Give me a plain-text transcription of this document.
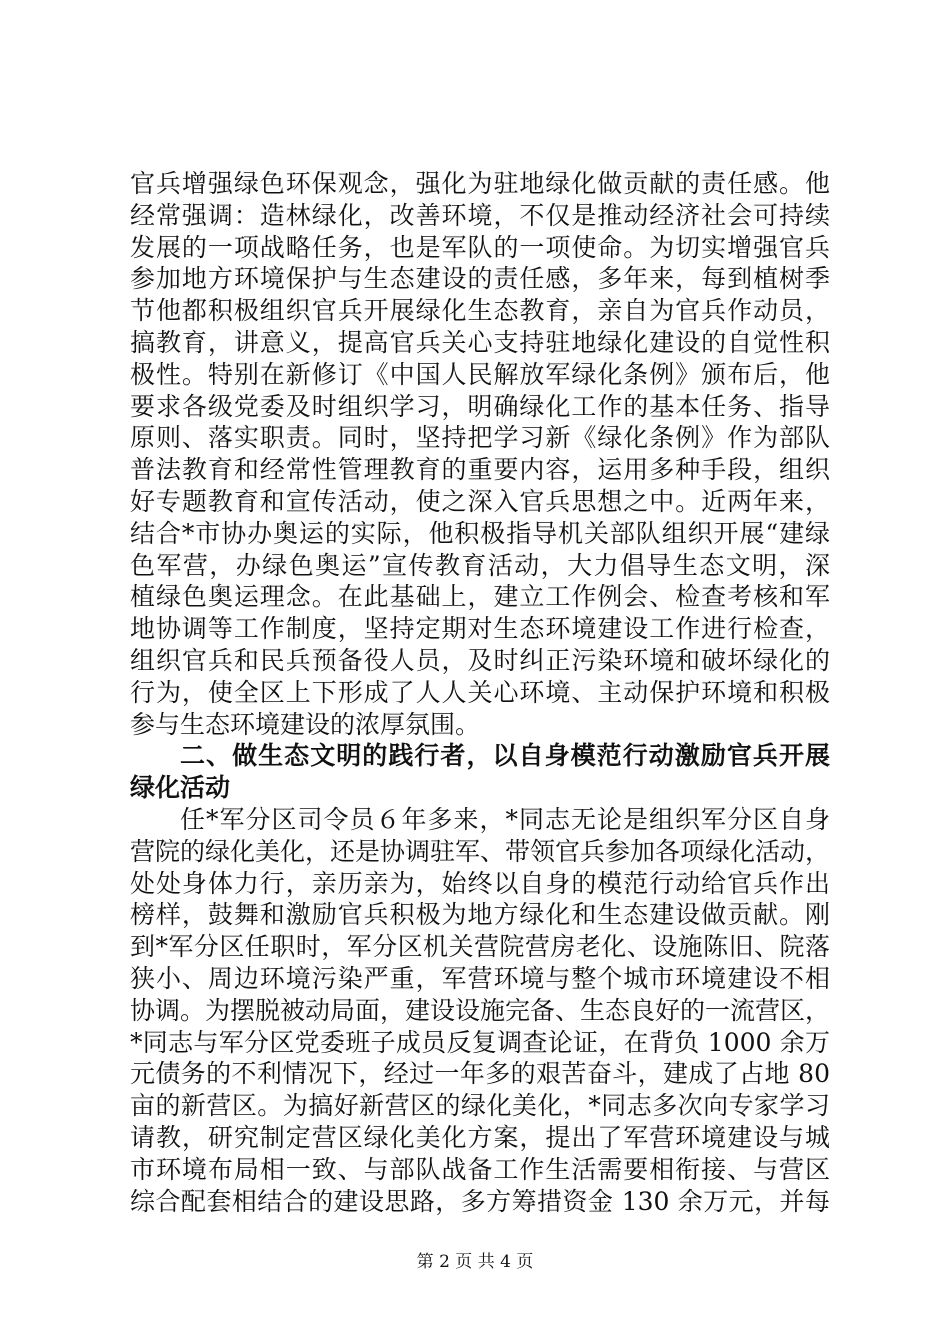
官兵增强绿色环保观念，强化为驻地绿化做贡献的责任感。他
经常强调：造林绿化，改善环境，不仅是推动经济社会可持续
发展的一项战略任务，也是军队的一项使命。为切实增强官兵
参加地方环境保护与生态建设的责任感，多年来，每到植树季
节他都积极组织官兵开展绿化生态教育，亲自为官兵作动员，
搞教育，讲意义，提高官兵关心支持驻地绿化建设的自觉性积
极性。特别在新修订《中国人民解放军绿化条例》颁布后，他
要求各级党委及时组织学习，明确绿化工作的基本任务、指导
原则、落实职责。同时，坚持把学习新《绿化条例》作为部队
普法教育和经常性管理教育的重要内容，运用多种手段，组织
好专题教育和宣传活动，使之深入官兵思想之中。近两年来，
结合*市协办奥运的实际，他积极指导机关部队组织开展“建绿
色军营，办绿色奥运”宣传教育活动，大力倡导生态文明，深
植绿色奥运理念。在此基础上，建立工作例会、检查考核和军
地协调等工作制度，坚持定期对生态环境建设工作进行检查，
组织官兵和民兵预备役人员，及时纠正污染环境和破坏绿化的
行为，使全区上下形成了人人关心环境、主动保护环境和积极
参与生态环境建设的浓厚氛围。
二、做生态文明的践行者，以自身模范行动激励官兵开展
绿化活动
任*军分区司令员６年多来，*同志无论是组织军分区自身
营院的绿化美化，还是协调驻军、带领官兵参加各项绿化活动，
处处身体力行，亲历亲为，始终以自身的模范行动给官兵作出
榜样，鼓舞和激励官兵积极为地方绿化和生态建设做贡献。刚
到*军分区任职时，军分区机关营院营房老化、设施陈旧、院落
狭小、周边环境污染严重，军营环境与整个城市环境建设不相
协调。为摆脱被动局面，建设设施完备、生态良好的一流营区，
*同志与军分区党委班子成员反复调查论证，在背负 1000 余万
元债务的不利情况下，经过一年多的艰苦奋斗，建成了占地 80
亩的新营区。为搞好新营区的绿化美化，*同志多次向专家学习
请教，研究制定营区绿化美化方案，提出了军营环境建设与城
市环境布局相一致、与部队战备工作生活需要相衔接、与营区
综合配套相结合的建设思路，多方筹措资金 130 余万元，并每
第 2 页 共 4 页
